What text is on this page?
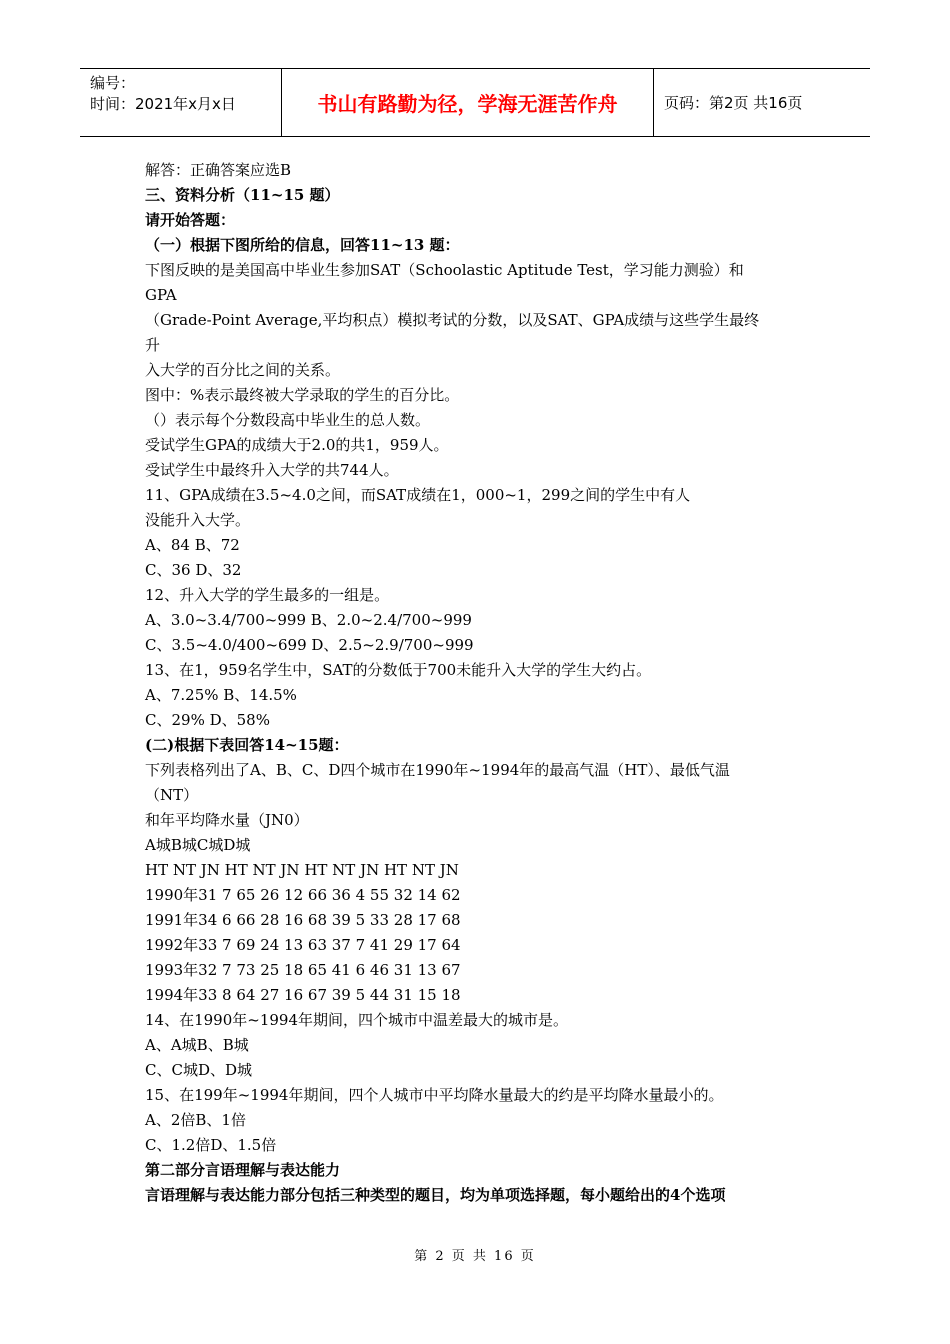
编号：
时间：2021年x月x日	书山有路勤为径，学海无涯苦作舟	页码：第2页 共16页
解答：正确答案应选B
三、资料分析（11~15 题）
请开始答题：
（一）根据下图所给的信息，回答11~13 题：
下图反映的是美国高中毕业生参加SAT（Schoolastic Aptitude Test，学习能力测验）和
GPA
（Grade-Point Average,平均积点）模拟考试的分数，以及SAT、GPA成绩与这些学生最终
升
入大学的百分比之间的关系。
图中：%表示最终被大学录取的学生的百分比。
（）表示每个分数段高中毕业生的总人数。
受试学生GPA的成绩大于2.0的共1，959人。
受试学生中最终升入大学的共744人。
11、GPA成绩在3.5~4.0之间，而SAT成绩在1，000~1，299之间的学生中有人
没能升入大学。
A、84 B、72
C、36 D、32
12、升入大学的学生最多的一组是。
A、3.0~3.4/700~999 B、2.0~2.4/700~999
C、3.5~4.0/400~699 D、2.5~2.9/700~999
13、在1，959名学生中，SAT的分数低于700未能升入大学的学生大约占。
A、7.25% B、14.5%
C、29% D、58%
(二)根据下表回答14~15题：
下列表格列出了A、B、C、D四个城市在1990年~1994年的最高气温（HT）、最低气温
（NT）
和年平均降水量（JN0）
A城B城C城D城
HT NT JN HT NT JN HT NT JN HT NT JN
1990年31 7 65 26 12 66 36 4 55 32 14 62
1991年34 6 66 28 16 68 39 5 33 28 17 68
1992年33 7 69 24 13 63 37 7 41 29 17 64
1993年32 7 73 25 18 65 41 6 46 31 13 67
1994年33 8 64 27 16 67 39 5 44 31 15 18
14、在1990年~1994年期间，四个城市中温差最大的城市是。
A、A城B、B城
C、C城D、D城
15、在199年~1994年期间，四个人城市中平均降水量最大的约是平均降水量最小的。
A、2倍B、1倍
C、1.2倍D、1.5倍
第二部分言语理解与表达能力
言语理解与表达能力部分包括三种类型的题目，均为单项选择题，每小题给出的4个选项
第 2 页 共 16 页
